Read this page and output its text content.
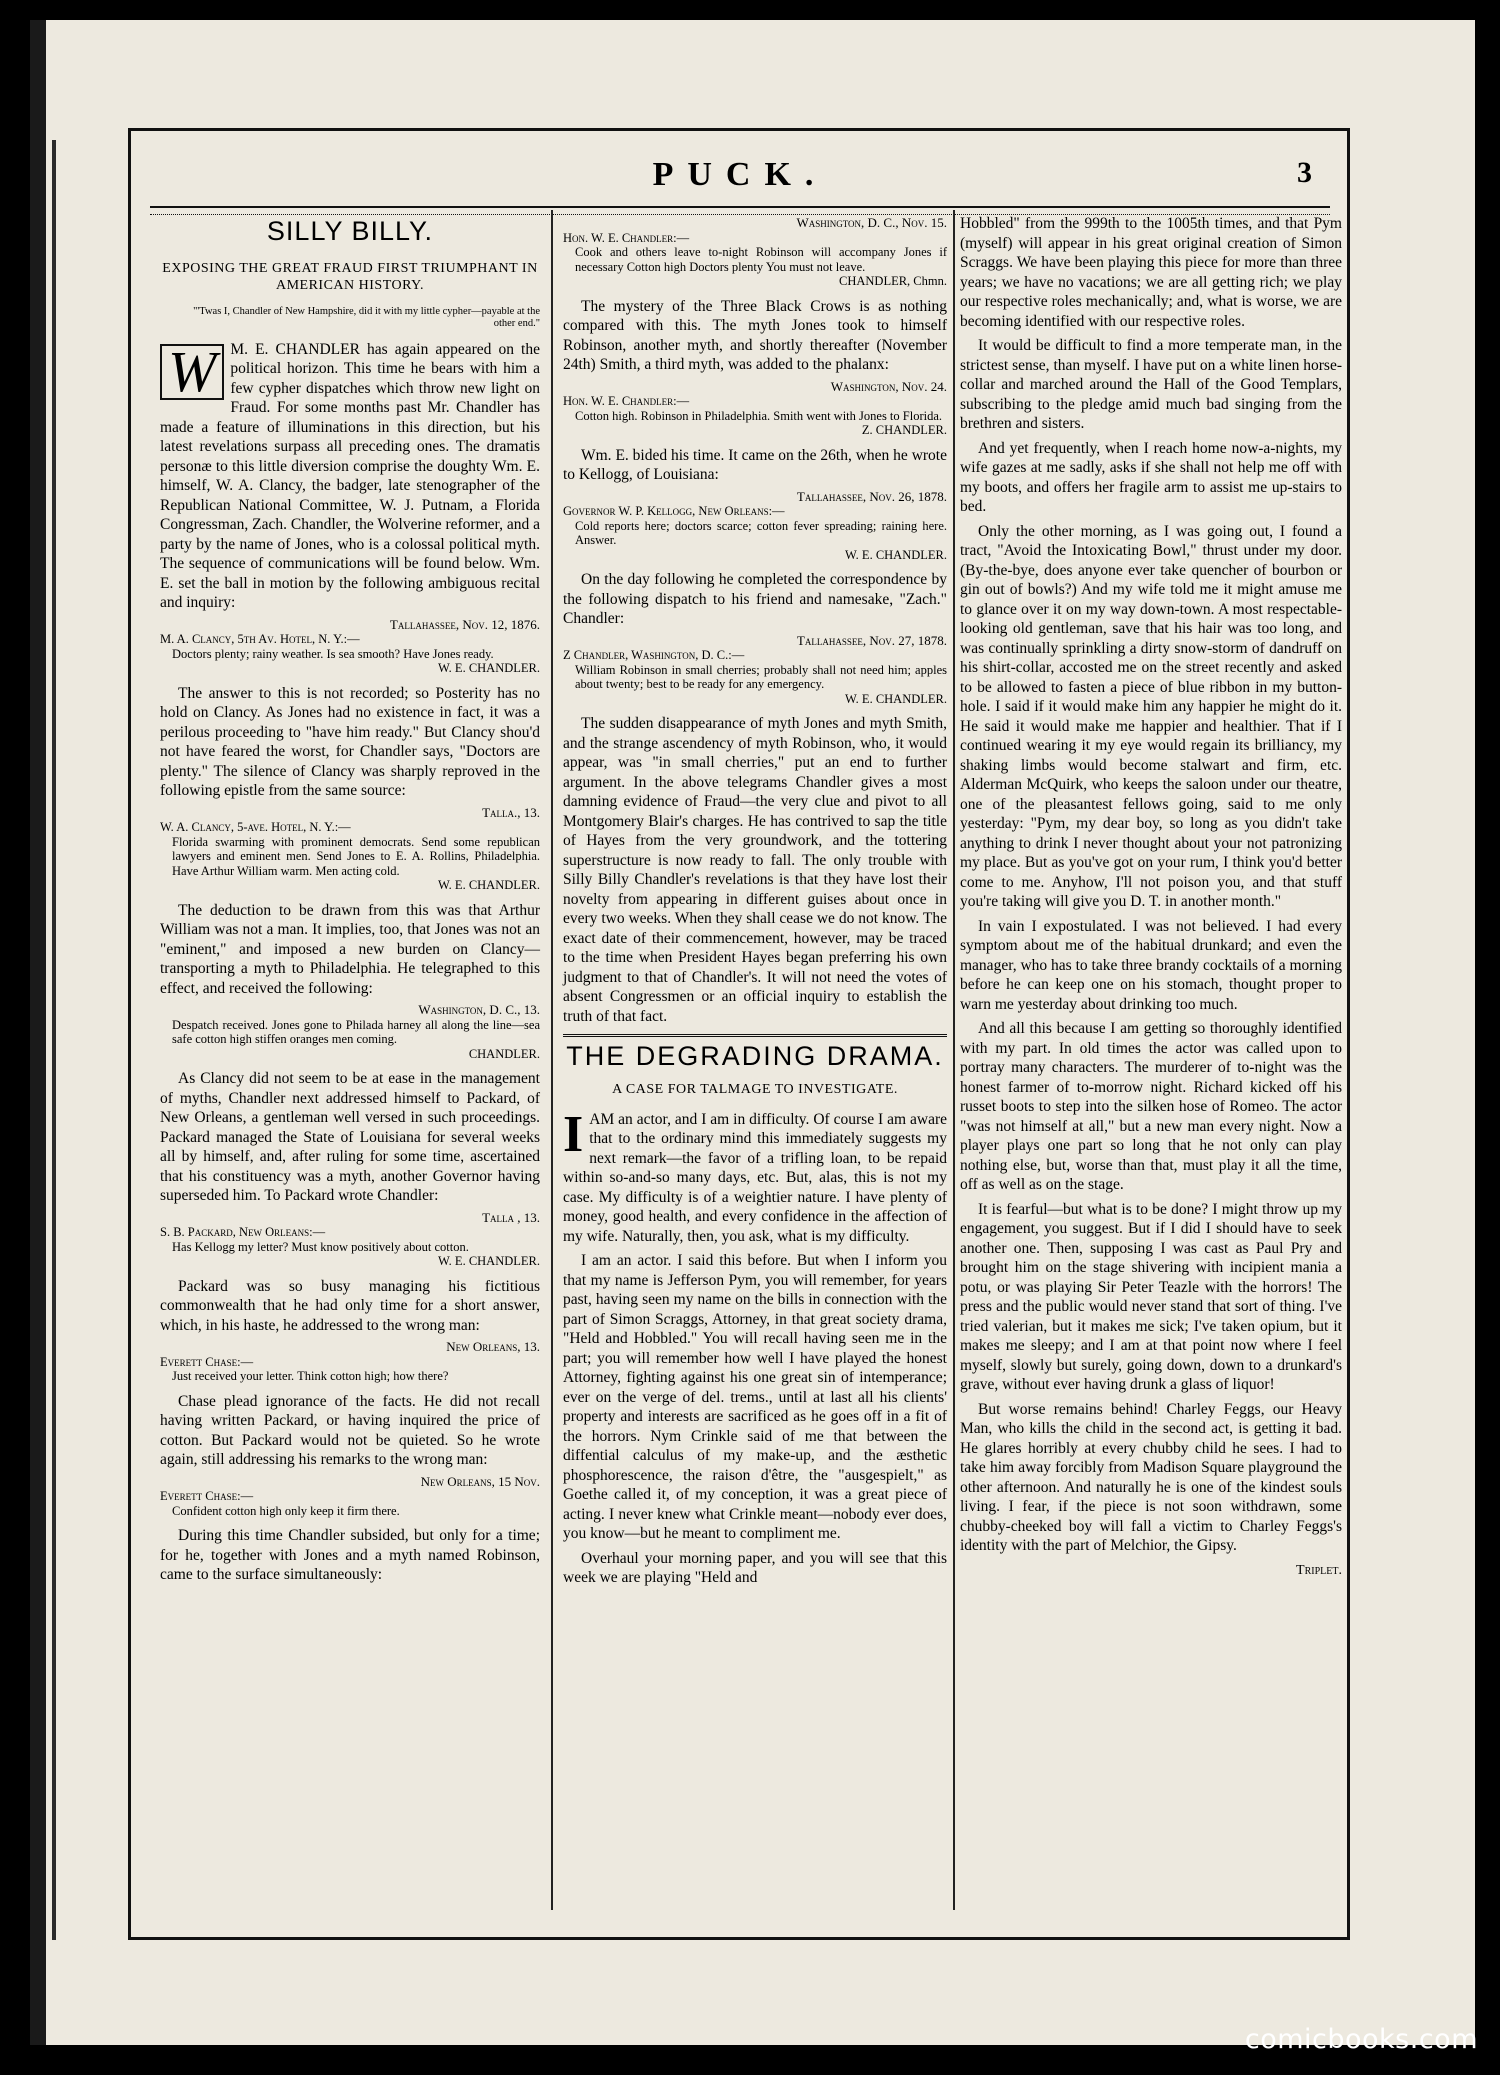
PUCK.	3
SILLY BILLY.
EXPOSING THE GREAT FRAUD FIRST TRIUMPHANT IN AMERICAN HISTORY.
"'Twas I, Chandler of New Hampshire, did it with my little cypher—payable at the other end."

W M. E. CHANDLER has again appeared on the political horizon. This time he bears with him a few cypher dispatches which throw new light on Fraud. For some months past Mr. Chandler has made a feature of illuminations in this direction, but his latest revelations surpass all preceding ones. The dramatis personæ to this little diversion comprise the doughty Wm. E. himself, W. A. Clancy, the badger, late stenographer of the Republican National Committee, W. J. Putnam, a Florida Congressman, Zach. Chandler, the Wolverine reformer, and a party by the name of Jones, who is a colossal political myth. The sequence of communications will be found below. Wm. E. set the ball in motion by the following ambiguous recital and inquiry:

Tallahassee, Nov. 12, 1876.
M. A. Clancy, 5th Av. Hotel, N. Y.:—
Doctors plenty; rainy weather. Is sea smooth? Have Jones ready.
W. E. CHANDLER.

The answer to this is not recorded; so Posterity has no hold on Clancy. As Jones had no existence in fact, it was a perilous proceeding to "have him ready." But Clancy shou'd not have feared the worst, for Chandler says, "Doctors are plenty." The silence of Clancy was sharply reproved in the following epistle from the same source:

Talla., 13.
W. A. Clancy, 5-ave. Hotel, N. Y.:—
Florida swarming with prominent democrats. Send some republican lawyers and eminent men. Send Jones to E. A. Rollins, Philadelphia. Have Arthur William warm. Men acting cold.
W. E. CHANDLER.

The deduction to be drawn from this was that Arthur William was not a man. It implies, too, that Jones was not an "eminent," and imposed a new burden on Clancy—transporting a myth to Philadelphia. He telegraphed to this effect, and received the following:

Washington, D. C., 13.
Despatch received. Jones gone to Philada harney all along the line—sea safe cotton high stiffen oranges men coming.
CHANDLER.

As Clancy did not seem to be at ease in the management of myths, Chandler next addressed himself to Packard, of New Orleans, a gentleman well versed in such proceedings. Packard managed the State of Louisiana for several weeks all by himself, and, after ruling for some time, ascertained that his constituency was a myth, another Governor having superseded him. To Packard wrote Chandler:

Talla , 13.
S. B. Packard, New Orleans:—
Has Kellogg my letter? Must know positively about cotton.
W. E. CHANDLER.

Packard was so busy managing his fictitious commonwealth that he had only time for a short answer, which, in his haste, he addressed to the wrong man:

New Orleans, 13.
Everett Chase:—
Just received your letter. Think cotton high; how there?

Chase plead ignorance of the facts. He did not recall having written Packard, or having inquired the price of cotton. But Packard would not be quieted. So he wrote again, still addressing his remarks to the wrong man:

New Orleans, 15 Nov.
Everett Chase:—
Confident cotton high only keep it firm there.

During this time Chandler subsided, but only for a time; for he, together with Jones and a myth named Robinson, came to the surface simultaneously:

Washington, D. C., Nov. 15.
Hon. W. E. Chandler:—
Cook and others leave to-night Robinson will accompany Jones if necessary Cotton high Doctors plenty You must not leave.
CHANDLER, Chmn.

The mystery of the Three Black Crows is as nothing compared with this. The myth Jones took to himself Robinson, another myth, and shortly thereafter (November 24th) Smith, a third myth, was added to the phalanx:

Washington, Nov. 24.
Hon. W. E. Chandler:—
Cotton high. Robinson in Philadelphia. Smith went with Jones to Florida.
Z. CHANDLER.

Wm. E. bided his time. It came on the 26th, when he wrote to Kellogg, of Louisiana:

Tallahassee, Nov. 26, 1878.
Governor W. P. Kellogg, New Orleans:—
Cold reports here; doctors scarce; cotton fever spreading; raining here. Answer.
W. E. CHANDLER.

On the day following he completed the correspondence by the following dispatch to his friend and namesake, "Zach." Chandler:

Tallahassee, Nov. 27, 1878.
Z Chandler, Washington, D. C.:—
William Robinson in small cherries; probably shall not need him; apples about twenty; best to be ready for any emergency.
W. E. CHANDLER.

The sudden disappearance of myth Jones and myth Smith, and the strange ascendency of myth Robinson, who, it would appear, was "in small cherries," put an end to further argument. In the above telegrams Chandler gives a most damning evidence of Fraud—the very clue and pivot to all Montgomery Blair's charges. He has contrived to sap the title of Hayes from the very groundwork, and the tottering superstructure is now ready to fall. The only trouble with Silly Billy Chandler's revelations is that they have lost their novelty from appearing in different guises about once in every two weeks. When they shall cease we do not know. The exact date of their commencement, however, may be traced to the time when President Hayes began preferring his own judgment to that of Chandler's. It will not need the votes of absent Congressmen or an official inquiry to establish the truth of that fact.

THE DEGRADING DRAMA.
A CASE FOR TALMAGE TO INVESTIGATE.

IAM an actor, and I am in difficulty. Of course I am aware that to the ordinary mind this immediately suggests my next remark—the favor of a trifling loan, to be repaid within so-and-so many days, etc. But, alas, this is not my case. My difficulty is of a weightier nature. I have plenty of money, good health, and every confidence in the affection of my wife. Naturally, then, you ask, what is my difficulty.

I am an actor. I said this before. But when I inform you that my name is Jefferson Pym, you will remember, for years past, having seen my name on the bills in connection with the part of Simon Scraggs, Attorney, in that great society drama, "Held and Hobbled." You will recall having seen me in the part; you will remember how well I have played the honest Attorney, fighting against his one great sin of intemperance; ever on the verge of del. trems., until at last all his clients' property and interests are sacrificed as he goes off in a fit of the horrors. Nym Crinkle said of me that between the diffential calculus of my make-up, and the æsthetic phosphorescence, the raison d'être, the "ausgespielt," as Goethe called it, of my conception, it was a great piece of acting. I never knew what Crinkle meant—nobody ever does, you know—but he meant to compliment me.

Overhaul your morning paper, and you will see that this week we are playing "Held and

Hobbled" from the 999th to the 1005th times, and that Pym (myself) will appear in his great original creation of Simon Scraggs. We have been playing this piece for more than three years; we have no vacations; we are all getting rich; we play our respective roles mechanically; and, what is worse, we are becoming identified with our respective roles.

It would be difficult to find a more temperate man, in the strictest sense, than myself. I have put on a white linen horse-collar and marched around the Hall of the Good Templars, subscribing to the pledge amid much bad singing from the brethren and sisters.

And yet frequently, when I reach home now-a-nights, my wife gazes at me sadly, asks if she shall not help me off with my boots, and offers her fragile arm to assist me up-stairs to bed.

Only the other morning, as I was going out, I found a tract, "Avoid the Intoxicating Bowl," thrust under my door. (By-the-bye, does anyone ever take quencher of bourbon or gin out of bowls?) And my wife told me it might amuse me to glance over it on my way down-town. A most respectable-looking old gentleman, save that his hair was too long, and was continually sprinkling a dirty snow-storm of dandruff on his shirt-collar, accosted me on the street recently and asked to be allowed to fasten a piece of blue ribbon in my button-hole. I said if it would make him any happier he might do it. He said it would make me happier and healthier. That if I continued wearing it my eye would regain its brilliancy, my shaking limbs would become stalwart and firm, etc. Alderman McQuirk, who keeps the saloon under our theatre, one of the pleasantest fellows going, said to me only yesterday: "Pym, my dear boy, so long as you didn't take anything to drink I never thought about your not patronizing my place. But as you've got on your rum, I think you'd better come to me. Anyhow, I'll not poison you, and that stuff you're taking will give you D. T. in another month."

In vain I expostulated. I was not believed. I had every symptom about me of the habitual drunkard; and even the manager, who has to take three brandy cocktails of a morning before he can keep one on his stomach, thought proper to warn me yesterday about drinking too much.

And all this because I am getting so thoroughly identified with my part. In old times the actor was called upon to portray many characters. The murderer of to-night was the honest farmer of to-morrow night. Richard kicked off his russet boots to step into the silken hose of Romeo. The actor "was not himself at all," but a new man every night. Now a player plays one part so long that he not only can play nothing else, but, worse than that, must play it all the time, off as well as on the stage.

It is fearful—but what is to be done? I might throw up my engagement, you suggest. But if I did I should have to seek another one. Then, supposing I was cast as Paul Pry and brought him on the stage shivering with incipient mania a potu, or was playing Sir Peter Teazle with the horrors! The press and the public would never stand that sort of thing. I've tried valerian, but it makes me sick; I've taken opium, but it makes me sleepy; and I am at that point now where I feel myself, slowly but surely, going down, down to a drunkard's grave, without ever having drunk a glass of liquor!

But worse remains behind! Charley Feggs, our Heavy Man, who kills the child in the second act, is getting it bad. He glares horribly at every chubby child he sees. I had to take him away forcibly from Madison Square playground the other afternoon. And naturally he is one of the kindest souls living. I fear, if the piece is not soon withdrawn, some chubby-cheeked boy will fall a victim to Charley Feggs's identity with the part of Melchior, the Gipsy.

Triplet.
comicbooks.com
